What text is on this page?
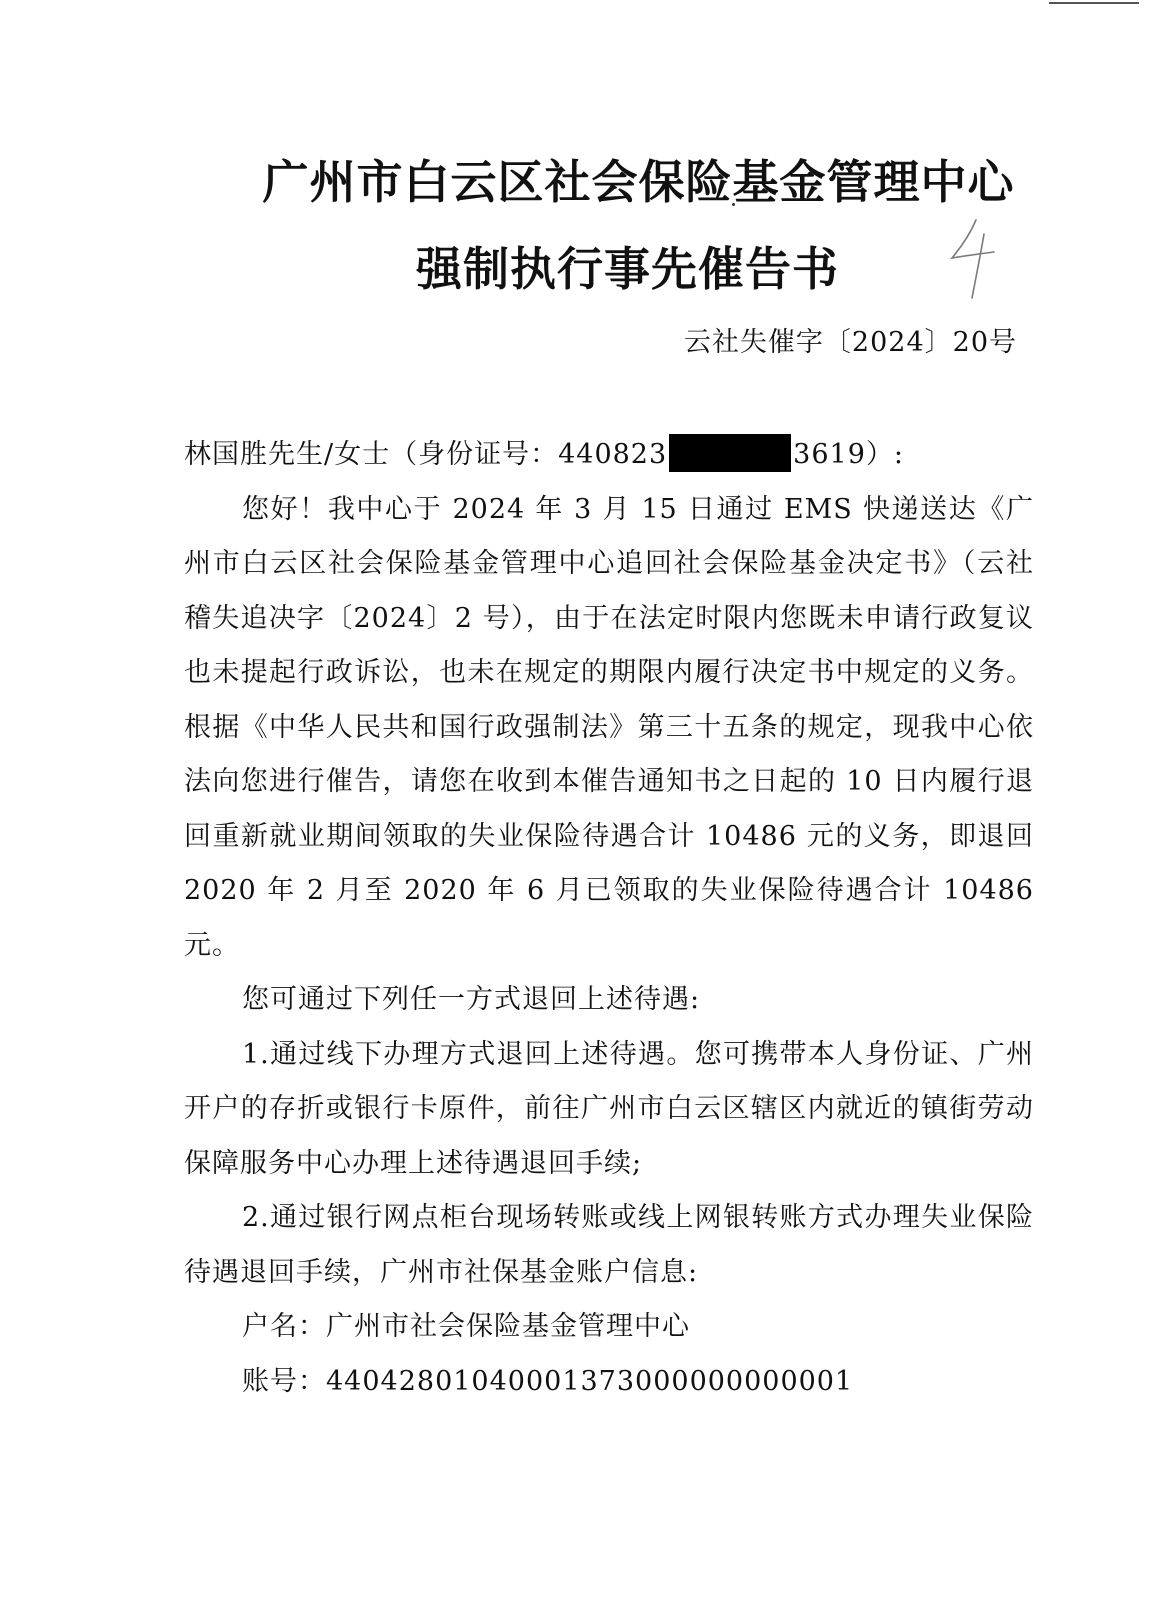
广州市白云区社会保险基金管理中心
强制执行事先催告书
云社失催字〔2024〕20号

林国胜先生/女士（身份证号：440823	3619）:

您好！我中心于 2024 年 3 月 15 日通过 EMS 快递送达《广州市白云区社会保险基金管理中心追回社会保险基金决定书》（云社稽失追决字〔2024〕2 号），由于在法定时限内您既未申请行政复议也未提起行政诉讼，也未在规定的期限内履行决定书中规定的义务。根据《中华人民共和国行政强制法》第三十五条的规定，现我中心依法向您进行催告，请您在收到本催告通知书之日起的 10 日内履行退回重新就业期间领取的失业保险待遇合计 10486 元的义务，即退回 2020 年 2 月至 2020 年 6 月已领取的失业保险待遇合计 10486 元。

您可通过下列任一方式退回上述待遇:

1.通过线下办理方式退回上述待遇。您可携带本人身份证、广州开户的存折或银行卡原件，前往广州市白云区辖区内就近的镇街劳动保障服务中心办理上述待遇退回手续;

2.通过银行网点柜台现场转账或线上网银转账方式办理失业保险待遇退回手续，广州市社保基金账户信息:

户名：广州市社会保险基金管理中心

账号：44042801040001373000000000001
